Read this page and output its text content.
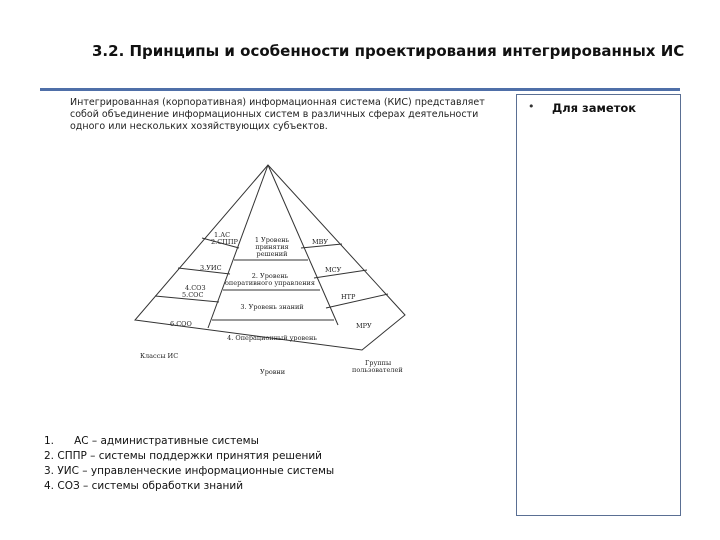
3.2. Принципы и особенности проектирования интегрированных ИС
Интегрированная (корпоративная) информационная система (КИС) представляет собой объединение информационных систем в различных сферах деятельности одного или нескольких хозяйствующих субъектов.
1 Уровень
принятия
решений
2. Уровень
оперативного управления
3. Уровень знаний
4. Операционный уровень
1.АС
2.СППР
3.УИС
4.СОЗ
5.СОС
6.СОО
МВУ
МСУ
НТР
МРУ
Классы ИС
Уровни
Группы
пользователей
1. АС – административные системы
2. СППР – системы поддержки принятия решений
3. УИС – управленческие информационные системы
4. СОЗ – системы обработки знаний
• Для заметок
